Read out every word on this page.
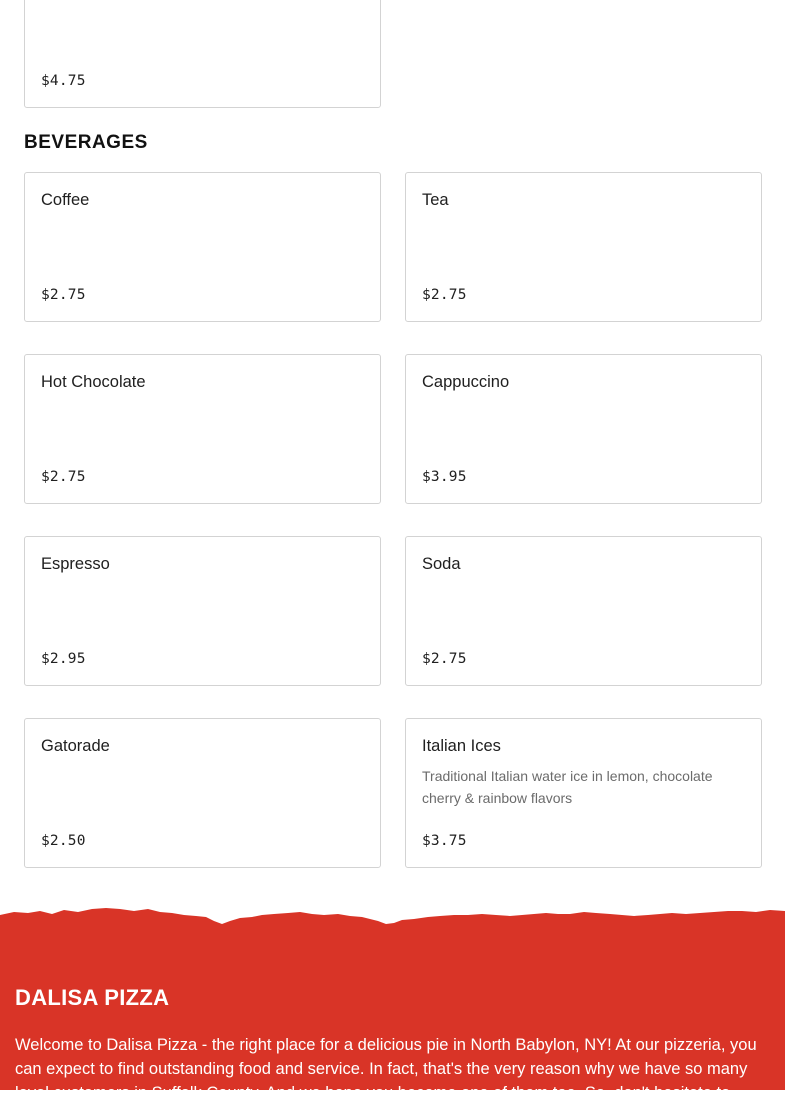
$4.75
BEVERAGES
Coffee
$2.75
Tea
$2.75
Hot Chocolate
$2.75
Cappuccino
$3.95
Espresso
$2.95
Soda
$2.75
Gatorade
$2.50
Italian Ices
Traditional Italian water ice in lemon, chocolate cherry & rainbow flavors
$3.75
DALISA PIZZA

Welcome to Dalisa Pizza - the right place for a delicious pie in North Babylon, NY! At our pizzeria, you can expect to find outstanding food and service. In fact, that's the very reason why we have so many loyal customers in Suffolk County. And we hope you become one of them too. So, don't hesitate to
